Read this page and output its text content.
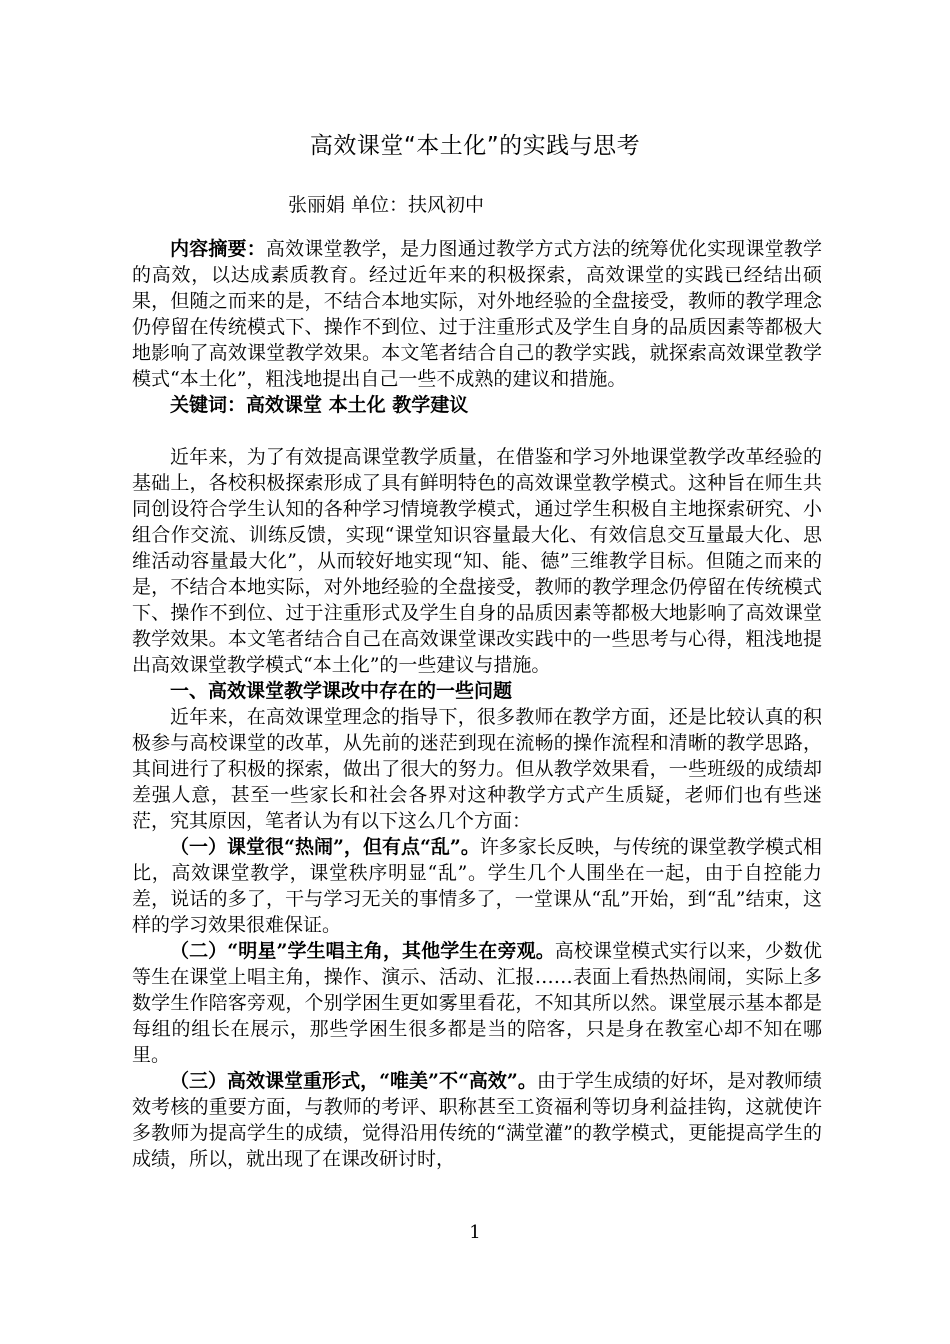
高效课堂“本土化”的实践与思考
张丽娟 单位：扶风初中

内容摘要：高效课堂教学，是力图通过教学方式方法的统筹优化实现课堂教学的高效，以达成素质教育。经过近年来的积极探索，高效课堂的实践已经结出硕果，但随之而来的是，不结合本地实际，对外地经验的全盘接受，教师的教学理念仍停留在传统模式下、操作不到位、过于注重形式及学生自身的品质因素等都极大地影响了高效课堂教学效果。本文笔者结合自己的教学实践，就探索高效课堂教学模式“本土化”，粗浅地提出自己一些不成熟的建议和措施。

关键词：高效课堂 本土化 教学建议

近年来，为了有效提高课堂教学质量，在借鉴和学习外地课堂教学改革经验的基础上，各校积极探索形成了具有鲜明特色的高效课堂教学模式。这种旨在师生共同创设符合学生认知的各种学习情境教学模式，通过学生积极自主地探索研究、小组合作交流、训练反馈，实现“课堂知识容量最大化、有效信息交互量最大化、思维活动容量最大化”，从而较好地实现“知、能、德”三维教学目标。但随之而来的是，不结合本地实际，对外地经验的全盘接受，教师的教学理念仍停留在传统模式下、操作不到位、过于注重形式及学生自身的品质因素等都极大地影响了高效课堂教学效果。本文笔者结合自己在高效课堂课改实践中的一些思考与心得，粗浅地提出高效课堂教学模式“本土化”的一些建议与措施。

一、高效课堂教学课改中存在的一些问题

近年来，在高效课堂理念的指导下，很多教师在教学方面，还是比较认真的积极参与高校课堂的改革，从先前的迷茫到现在流畅的操作流程和清晰的教学思路，其间进行了积极的探索，做出了很大的努力。但从教学效果看，一些班级的成绩却差强人意，甚至一些家长和社会各界对这种教学方式产生质疑，老师们也有些迷茫，究其原因，笔者认为有以下这么几个方面：

（一）课堂很“热闹”，但有点“乱”。许多家长反映，与传统的课堂教学模式相比，高效课堂教学，课堂秩序明显“乱”。学生几个人围坐在一起，由于自控能力差，说话的多了，干与学习无关的事情多了，一堂课从“乱”开始，到“乱”结束，这样的学习效果很难保证。

（二）“明星”学生唱主角，其他学生在旁观。高校课堂模式实行以来，少数优等生在课堂上唱主角，操作、演示、活动、汇报……表面上看热热闹闹，实际上多数学生作陪客旁观，个别学困生更如雾里看花，不知其所以然。课堂展示基本都是每组的组长在展示，那些学困生很多都是当的陪客，只是身在教室心却不知在哪里。

（三）高效课堂重形式，“唯美”不“高效”。由于学生成绩的好坏，是对教师绩效考核的重要方面，与教师的考评、职称甚至工资福利等切身利益挂钩，这就使许多教师为提高学生的成绩，觉得沿用传统的“满堂灌”的教学模式，更能提高学生的成绩，所以，就出现了在课改研讨时，

1
